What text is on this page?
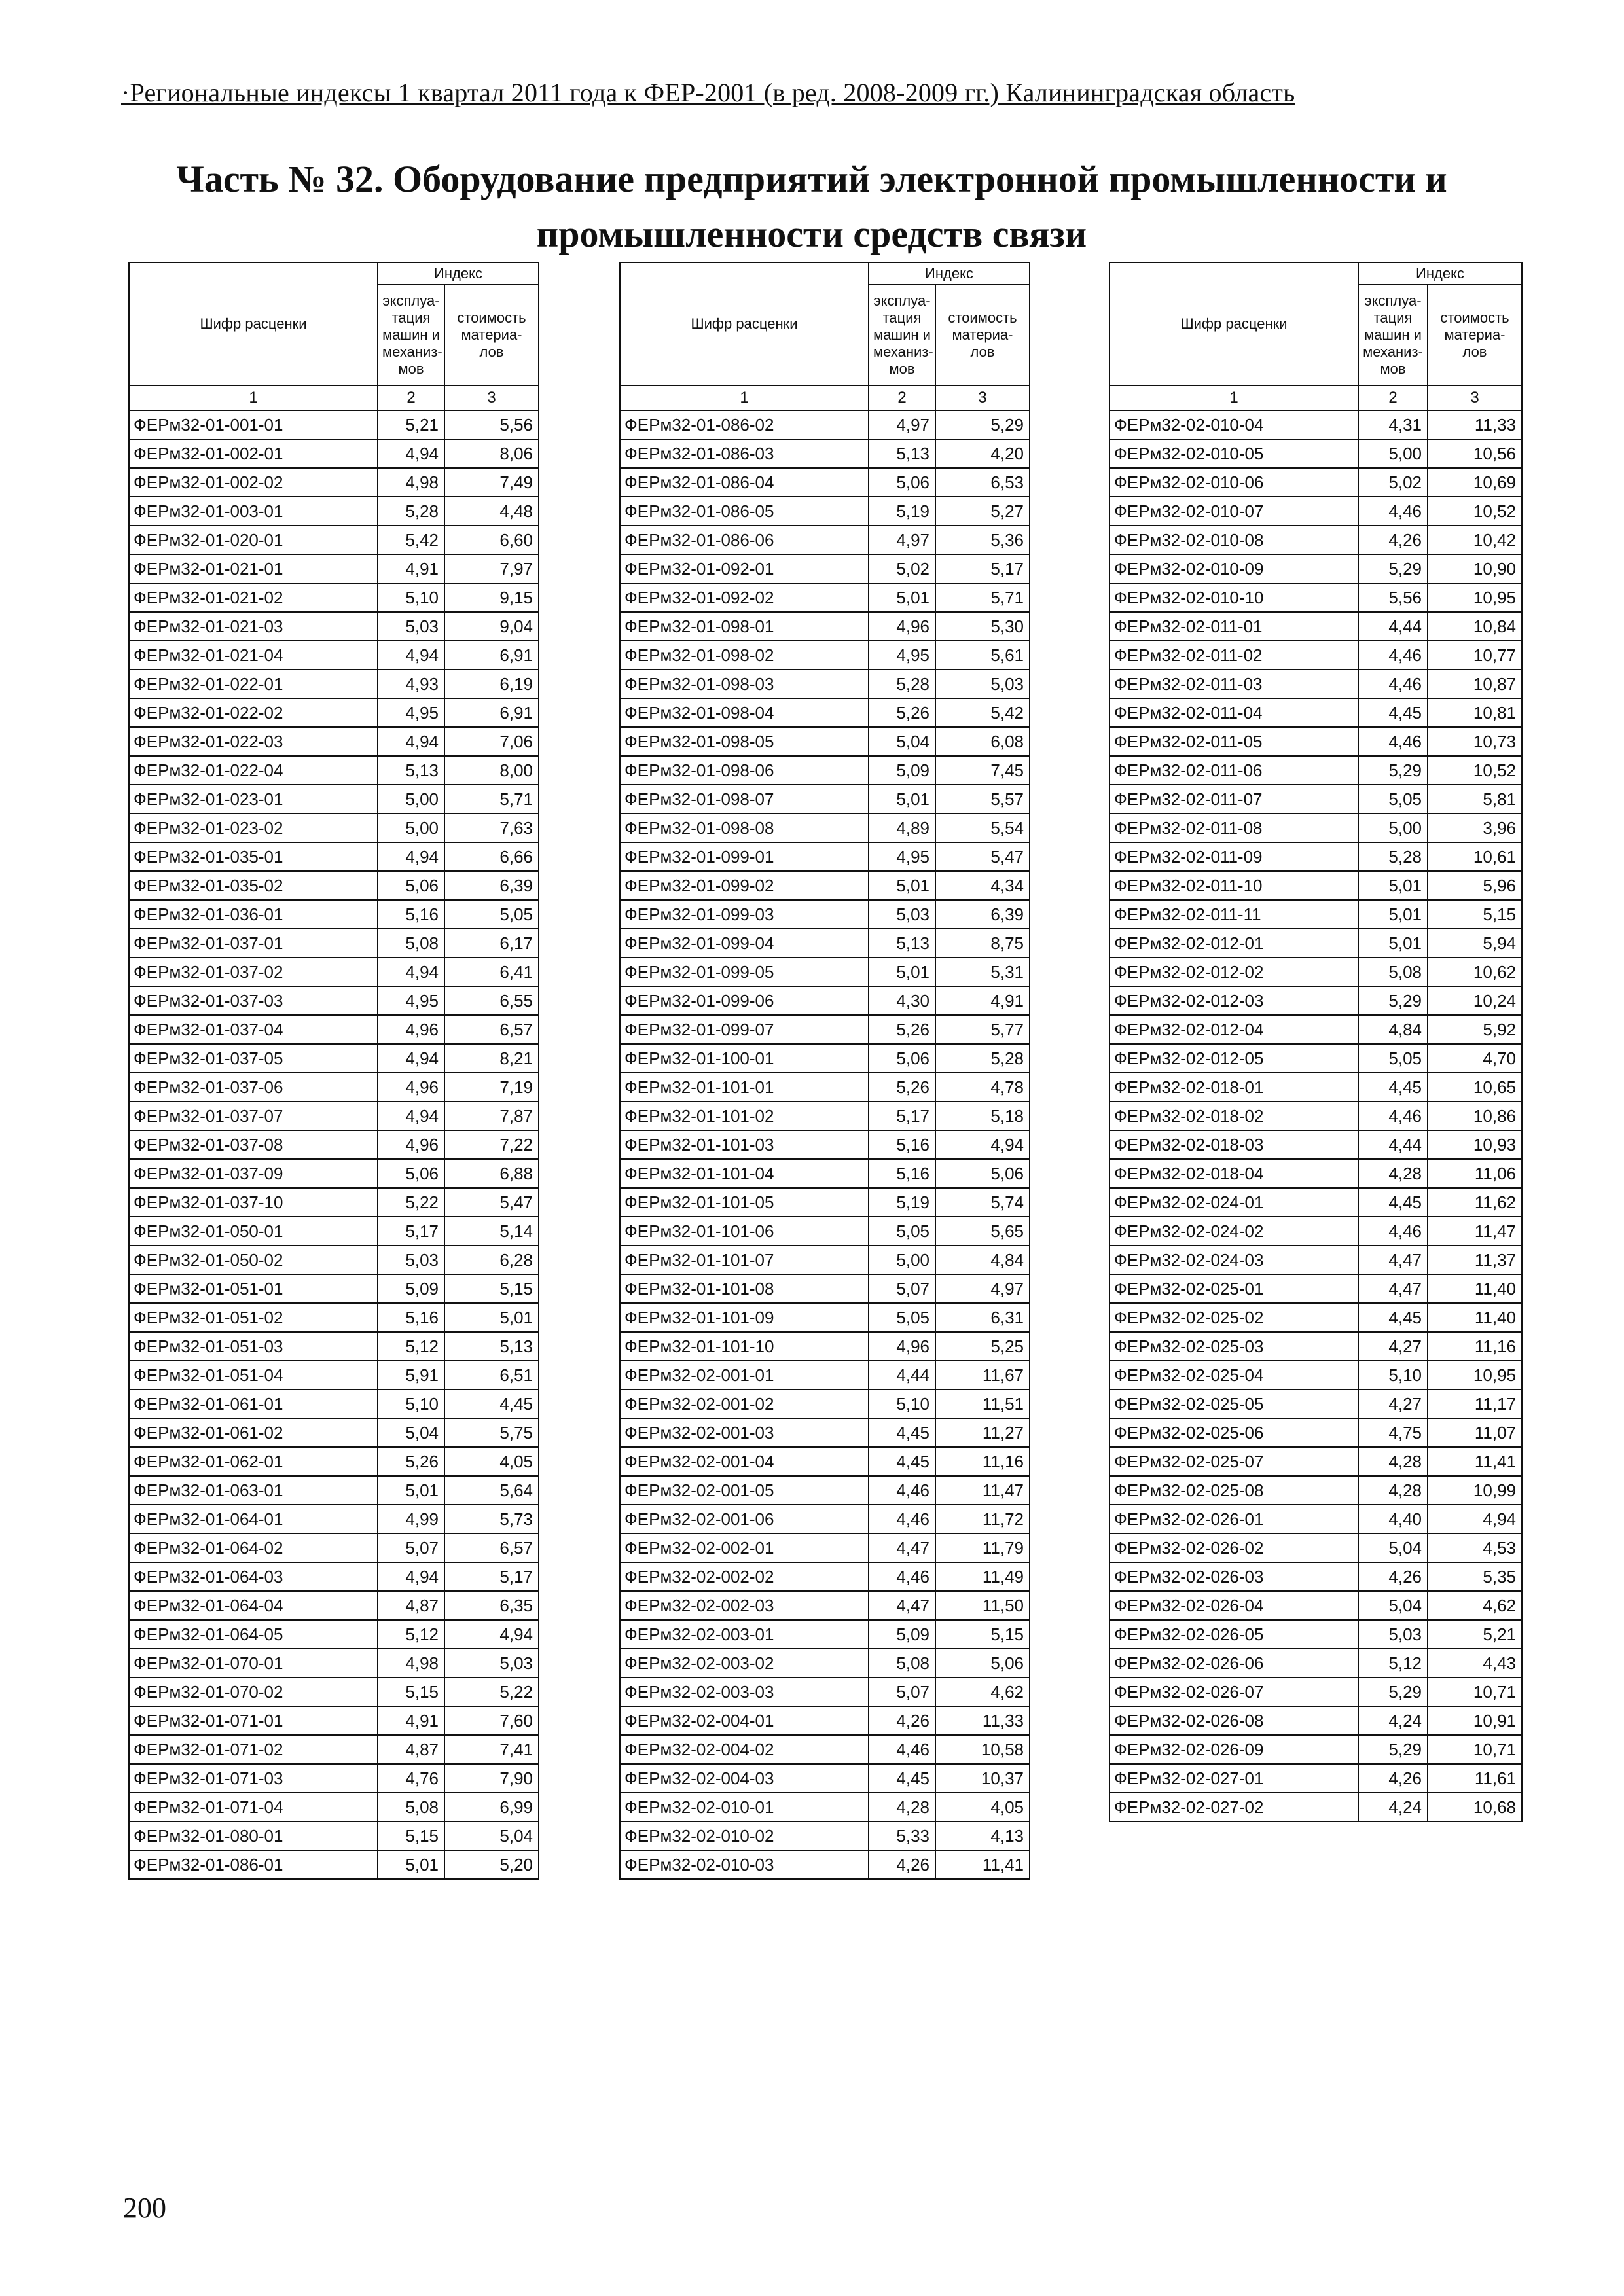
·Региональные индексы 1 квартал 2011 года к ФЕР-2001 (в ред. 2008-2009 гг.) Калининградская область
Часть № 32. Оборудование предприятий электронной промышленности и
промышленности средств связи
Шифр расценки	Индекс	
	эксплуа-тация машин и механиз-мов	стоимость материа-лов
1	2	3
ФЕРм32-01-001-01	5,21	5,56
ФЕРм32-01-002-01	4,94	8,06
ФЕРм32-01-002-02	4,98	7,49
ФЕРм32-01-003-01	5,28	4,48
ФЕРм32-01-020-01	5,42	6,60
ФЕРм32-01-021-01	4,91	7,97
ФЕРм32-01-021-02	5,10	9,15
ФЕРм32-01-021-03	5,03	9,04
ФЕРм32-01-021-04	4,94	6,91
ФЕРм32-01-022-01	4,93	6,19
ФЕРм32-01-022-02	4,95	6,91
ФЕРм32-01-022-03	4,94	7,06
ФЕРм32-01-022-04	5,13	8,00
ФЕРм32-01-023-01	5,00	5,71
ФЕРм32-01-023-02	5,00	7,63
ФЕРм32-01-035-01	4,94	6,66
ФЕРм32-01-035-02	5,06	6,39
ФЕРм32-01-036-01	5,16	5,05
ФЕРм32-01-037-01	5,08	6,17
ФЕРм32-01-037-02	4,94	6,41
ФЕРм32-01-037-03	4,95	6,55
ФЕРм32-01-037-04	4,96	6,57
ФЕРм32-01-037-05	4,94	8,21
ФЕРм32-01-037-06	4,96	7,19
ФЕРм32-01-037-07	4,94	7,87
ФЕРм32-01-037-08	4,96	7,22
ФЕРм32-01-037-09	5,06	6,88
ФЕРм32-01-037-10	5,22	5,47
ФЕРм32-01-050-01	5,17	5,14
ФЕРм32-01-050-02	5,03	6,28
ФЕРм32-01-051-01	5,09	5,15
ФЕРм32-01-051-02	5,16	5,01
ФЕРм32-01-051-03	5,12	5,13
ФЕРм32-01-051-04	5,91	6,51
ФЕРм32-01-061-01	5,10	4,45
ФЕРм32-01-061-02	5,04	5,75
ФЕРм32-01-062-01	5,26	4,05
ФЕРм32-01-063-01	5,01	5,64
ФЕРм32-01-064-01	4,99	5,73
ФЕРм32-01-064-02	5,07	6,57
ФЕРм32-01-064-03	4,94	5,17
ФЕРм32-01-064-04	4,87	6,35
ФЕРм32-01-064-05	5,12	4,94
ФЕРм32-01-070-01	4,98	5,03
ФЕРм32-01-070-02	5,15	5,22
ФЕРм32-01-071-01	4,91	7,60
ФЕРм32-01-071-02	4,87	7,41
ФЕРм32-01-071-03	4,76	7,90
ФЕРм32-01-071-04	5,08	6,99
ФЕРм32-01-080-01	5,15	5,04
ФЕРм32-01-086-01	5,01	5,20
Шифр расценки	Индекс	
	эксплуа-тация машин и механиз-мов	стоимость материа-лов
1	2	3
ФЕРм32-01-086-02	4,97	5,29
ФЕРм32-01-086-03	5,13	4,20
ФЕРм32-01-086-04	5,06	6,53
ФЕРм32-01-086-05	5,19	5,27
ФЕРм32-01-086-06	4,97	5,36
ФЕРм32-01-092-01	5,02	5,17
ФЕРм32-01-092-02	5,01	5,71
ФЕРм32-01-098-01	4,96	5,30
ФЕРм32-01-098-02	4,95	5,61
ФЕРм32-01-098-03	5,28	5,03
ФЕРм32-01-098-04	5,26	5,42
ФЕРм32-01-098-05	5,04	6,08
ФЕРм32-01-098-06	5,09	7,45
ФЕРм32-01-098-07	5,01	5,57
ФЕРм32-01-098-08	4,89	5,54
ФЕРм32-01-099-01	4,95	5,47
ФЕРм32-01-099-02	5,01	4,34
ФЕРм32-01-099-03	5,03	6,39
ФЕРм32-01-099-04	5,13	8,75
ФЕРм32-01-099-05	5,01	5,31
ФЕРм32-01-099-06	4,30	4,91
ФЕРм32-01-099-07	5,26	5,77
ФЕРм32-01-100-01	5,06	5,28
ФЕРм32-01-101-01	5,26	4,78
ФЕРм32-01-101-02	5,17	5,18
ФЕРм32-01-101-03	5,16	4,94
ФЕРм32-01-101-04	5,16	5,06
ФЕРм32-01-101-05	5,19	5,74
ФЕРм32-01-101-06	5,05	5,65
ФЕРм32-01-101-07	5,00	4,84
ФЕРм32-01-101-08	5,07	4,97
ФЕРм32-01-101-09	5,05	6,31
ФЕРм32-01-101-10	4,96	5,25
ФЕРм32-02-001-01	4,44	11,67
ФЕРм32-02-001-02	5,10	11,51
ФЕРм32-02-001-03	4,45	11,27
ФЕРм32-02-001-04	4,45	11,16
ФЕРм32-02-001-05	4,46	11,47
ФЕРм32-02-001-06	4,46	11,72
ФЕРм32-02-002-01	4,47	11,79
ФЕРм32-02-002-02	4,46	11,49
ФЕРм32-02-002-03	4,47	11,50
ФЕРм32-02-003-01	5,09	5,15
ФЕРм32-02-003-02	5,08	5,06
ФЕРм32-02-003-03	5,07	4,62
ФЕРм32-02-004-01	4,26	11,33
ФЕРм32-02-004-02	4,46	10,58
ФЕРм32-02-004-03	4,45	10,37
ФЕРм32-02-010-01	4,28	4,05
ФЕРм32-02-010-02	5,33	4,13
ФЕРм32-02-010-03	4,26	11,41
Шифр расценки	Индекс	
	эксплуа-тация машин и механиз-мов	стоимость материа-лов
1	2	3
ФЕРм32-02-010-04	4,31	11,33
ФЕРм32-02-010-05	5,00	10,56
ФЕРм32-02-010-06	5,02	10,69
ФЕРм32-02-010-07	4,46	10,52
ФЕРм32-02-010-08	4,26	10,42
ФЕРм32-02-010-09	5,29	10,90
ФЕРм32-02-010-10	5,56	10,95
ФЕРм32-02-011-01	4,44	10,84
ФЕРм32-02-011-02	4,46	10,77
ФЕРм32-02-011-03	4,46	10,87
ФЕРм32-02-011-04	4,45	10,81
ФЕРм32-02-011-05	4,46	10,73
ФЕРм32-02-011-06	5,29	10,52
ФЕРм32-02-011-07	5,05	5,81
ФЕРм32-02-011-08	5,00	3,96
ФЕРм32-02-011-09	5,28	10,61
ФЕРм32-02-011-10	5,01	5,96
ФЕРм32-02-011-11	5,01	5,15
ФЕРм32-02-012-01	5,01	5,94
ФЕРм32-02-012-02	5,08	10,62
ФЕРм32-02-012-03	5,29	10,24
ФЕРм32-02-012-04	4,84	5,92
ФЕРм32-02-012-05	5,05	4,70
ФЕРм32-02-018-01	4,45	10,65
ФЕРм32-02-018-02	4,46	10,86
ФЕРм32-02-018-03	4,44	10,93
ФЕРм32-02-018-04	4,28	11,06
ФЕРм32-02-024-01	4,45	11,62
ФЕРм32-02-024-02	4,46	11,47
ФЕРм32-02-024-03	4,47	11,37
ФЕРм32-02-025-01	4,47	11,40
ФЕРм32-02-025-02	4,45	11,40
ФЕРм32-02-025-03	4,27	11,16
ФЕРм32-02-025-04	5,10	10,95
ФЕРм32-02-025-05	4,27	11,17
ФЕРм32-02-025-06	4,75	11,07
ФЕРм32-02-025-07	4,28	11,41
ФЕРм32-02-025-08	4,28	10,99
ФЕРм32-02-026-01	4,40	4,94
ФЕРм32-02-026-02	5,04	4,53
ФЕРм32-02-026-03	4,26	5,35
ФЕРм32-02-026-04	5,04	4,62
ФЕРм32-02-026-05	5,03	5,21
ФЕРм32-02-026-06	5,12	4,43
ФЕРм32-02-026-07	5,29	10,71
ФЕРм32-02-026-08	4,24	10,91
ФЕРм32-02-026-09	5,29	10,71
ФЕРм32-02-027-01	4,26	11,61
ФЕРм32-02-027-02	4,24	10,68
200
